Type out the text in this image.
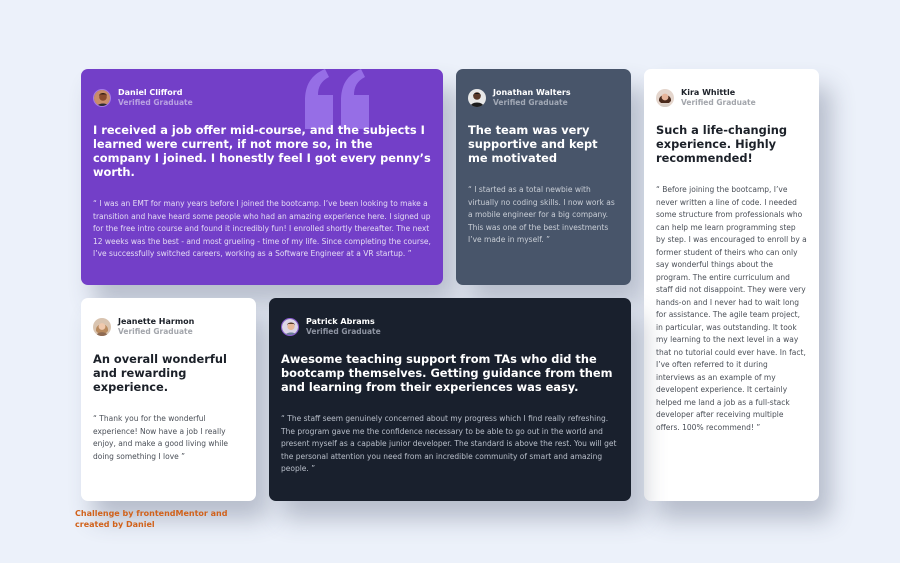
Daniel Clifford
Verified Graduate

I received a job offer mid-course, and the subjects I learned were current, if not more so, in the company I joined. I honestly feel I got every penny’s worth.

“ I was an EMT for many years before I joined the bootcamp. I’ve been looking to make a transition and have heard some people who had an amazing experience here. I signed up for the free intro course and found it incredibly fun! I enrolled shortly thereafter. The next 12 weeks was the best - and most grueling - time of my life. Since completing the course, I’ve successfully switched careers, working as a Software Engineer at a VR startup. ”

Jonathan Walters
Verified Graduate

The team was very supportive and kept me motivated

“ I started as a total newbie with virtually no coding skills. I now work as a mobile engineer for a big company. This was one of the best investments I’ve made in myself. ”

Kira Whittle
Verified Graduate

Such a life-changing experience. Highly recommended!

“ Before joining the bootcamp, I’ve never written a line of code. I needed some structure from professionals who can help me learn programming step by step. I was encouraged to enroll by a former student of theirs who can only say wonderful things about the program. The entire curriculum and staff did not disappoint. They were very hands-on and I never had to wait long for assistance. The agile team project, in particular, was outstanding. It took my learning to the next level in a way that no tutorial could ever have. In fact, I’ve often referred to it during interviews as an example of my developent experience. It certainly helped me land a job as a full-stack developer after receiving multiple offers. 100% recommend! ”

Jeanette Harmon
Verified Graduate

An overall wonderful and rewarding experience.

“ Thank you for the wonderful experience! Now have a job I really enjoy, and make a good living while doing something I love ”

Patrick Abrams
Verified Graduate

Awesome teaching support from TAs who did the bootcamp themselves. Getting guidance from them and learning from their experiences was easy.

“ The staff seem genuinely concerned about my progress which I find really refreshing. The program gave me the confidence necessary to be able to go out in the world and present myself as a capable junior developer. The standard is above the rest. You will get the personal attention you need from an incredible community of smart and amazing people. ”

Challenge by frontendMentor and created by Daniel
